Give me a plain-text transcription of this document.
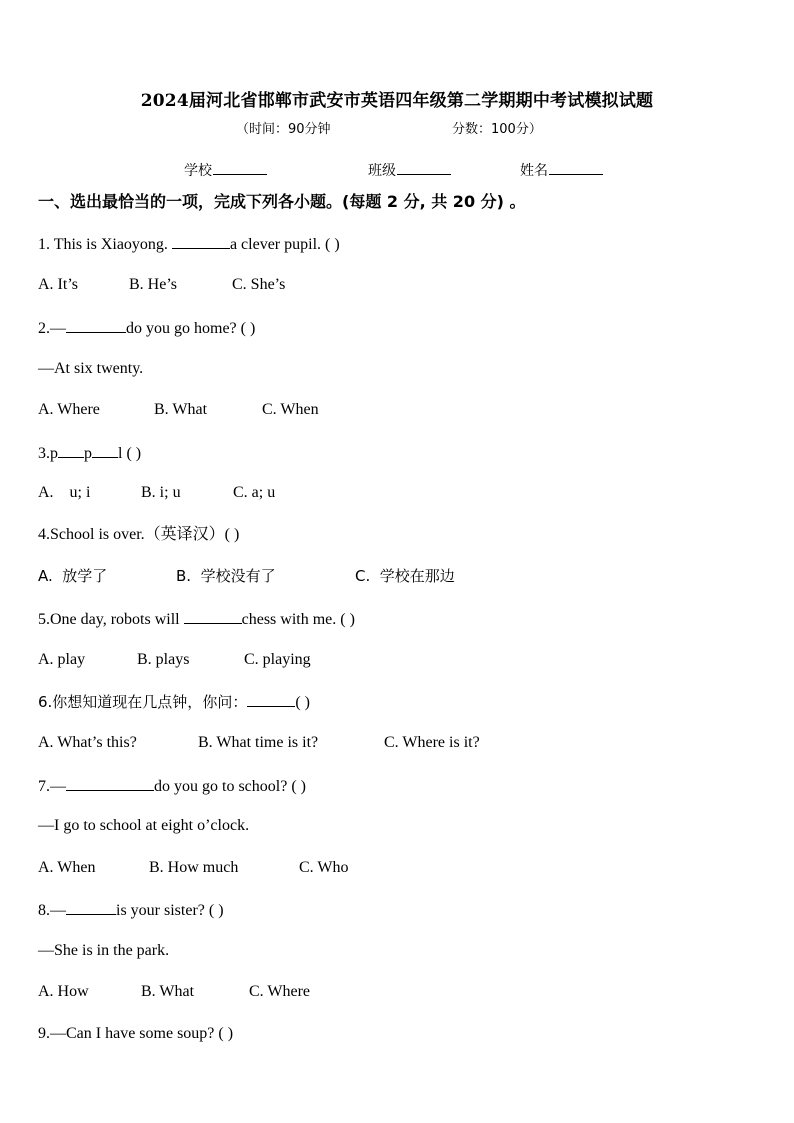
2024届河北省邯郸市武安市英语四年级第二学期期中考试模拟试题
（时间：90分钟	分数：100分）
学校	班级	姓名
一、选出最恰当的一项，完成下列各小题。(每题 2 分, 共 20 分) 。
1. This is Xiaoyong.	a clever pupil. ( )
A. It’s	B. He’s	C. She’s
2.—	do you go home? ( )
—At six twenty.
A. Where	B. What	C. When
3.p p l ( )
A.    u; i	B. i; u	C. a; u
4.School is over.（英译汉）( )
A.  放学了	B.  学校没有了	C.  学校在那边
5.One day, robots will	chess with me. ( )
A. play	B. plays	C. playing
6.你想知道现在几点钟，你问：	( )
A. What’s this?	B. What time is it?	C. Where is it?
7.—	do you go to school? ( )
—I go to school at eight o’clock.
A. When	B. How much	C. Who
8.—	is your sister? ( )
—She is in the park.
A. How	B. What	C. Where
9.—Can I have some soup? ( )
